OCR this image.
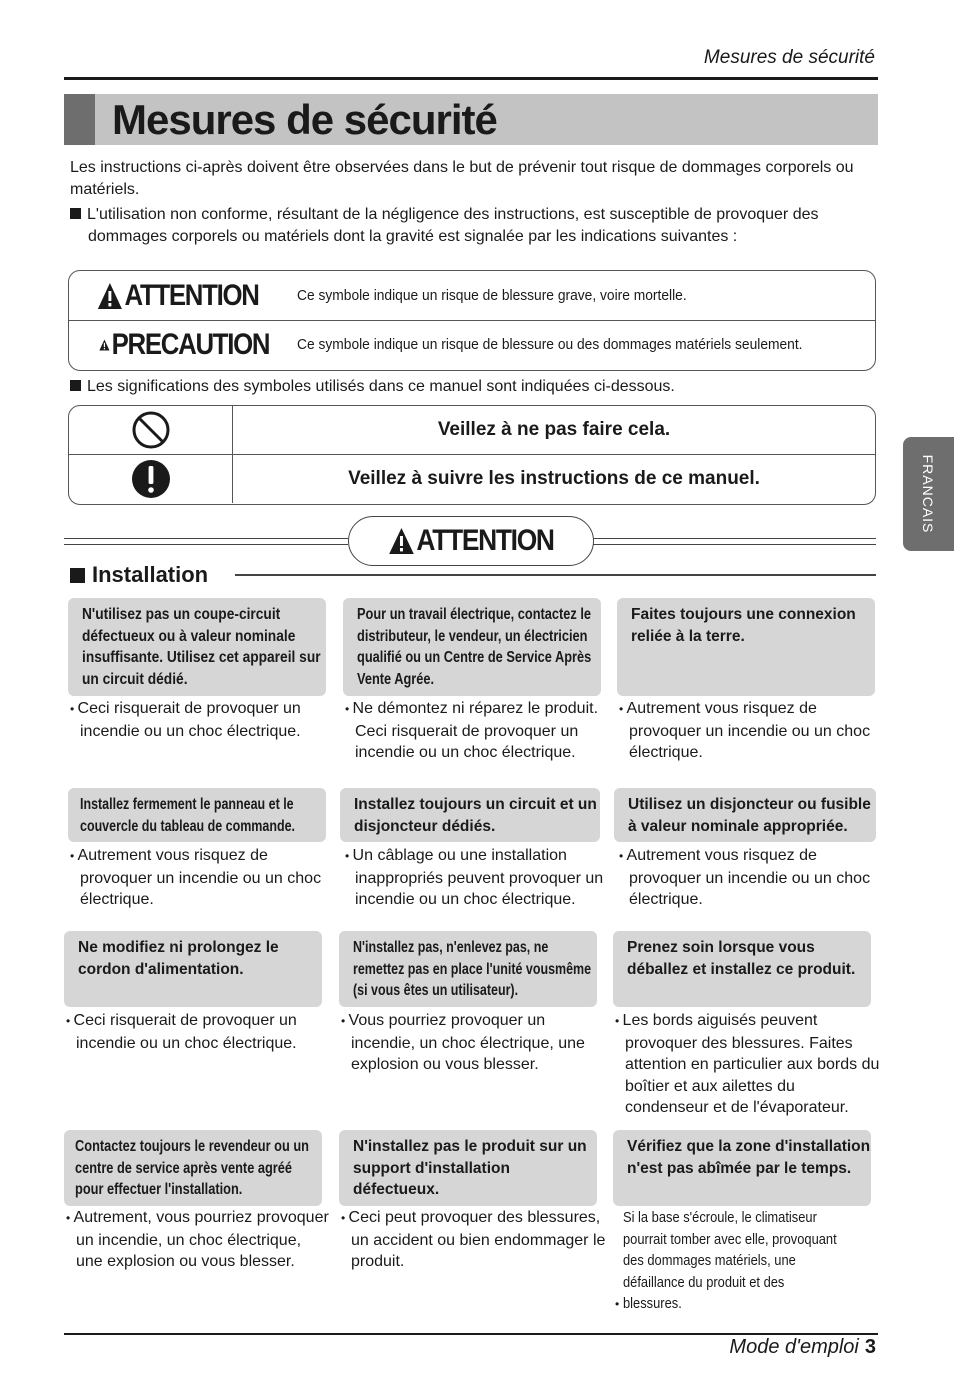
Mesures de sécurité
Mesures de sécurité
Les instructions ci-après doivent être observées dans le but de prévenir tout risque de dommages corporels ou matériels.
L'utilisation non conforme, résultant de la négligence des instructions, est susceptible de provoquer des
dommages corporels ou matériels dont la gravité est signalée par les indications suivantes :
ATTENTION	Ce symbole indique un risque de blessure grave, voire mortelle.
PRECAUTION Ce symbole indique un risque de blessure ou des dommages matériels seulement.
Les significations des symboles utilisés dans ce manuel sont indiquées ci-dessous.
Veillez à ne pas faire cela.
Veillez à suivre les instructions de ce manuel.
ATTENTION
Installation
N'utilisez pas un coupe-circuit défectueux ou à valeur nominale insuffisante. Utilisez cet appareil sur un circuit dédié.
• Ceci risquerait de provoquer un incendie ou un choc électrique.
Pour un travail électrique, contactez le distributeur, le vendeur, un électricien qualifié ou un Centre de Service Après Vente Agrée.
• Ne démontez ni réparez le produit. Ceci risquerait de provoquer un incendie ou un choc électrique.
Faites toujours une connexion reliée à la terre.
• Autrement vous risquez de provoquer un incendie ou un choc électrique.
Installez fermement le panneau et le couvercle du tableau de commande.
• Autrement vous risquez de provoquer un incendie ou un choc électrique.
Installez toujours un circuit et un disjoncteur dédiés.
• Un câblage ou une installation inappropriés peuvent provoquer un incendie ou un choc électrique.
Utilisez un disjoncteur ou fusible à valeur nominale appropriée.
• Autrement vous risquez de provoquer un incendie ou un choc électrique.
Ne modifiez ni prolongez le cordon d'alimentation.
• Ceci risquerait de provoquer un incendie ou un choc électrique.
N'installez pas, n'enlevez pas, ne remettez pas en place l'unité vousmême (si vous êtes un utilisateur).
• Vous pourriez provoquer un incendie, un choc électrique, une explosion ou vous blesser.
Prenez soin lorsque vous déballez et installez ce produit.
• Les bords aiguisés peuvent provoquer des blessures. Faites attention en particulier aux bords du boîtier et aux ailettes du condenseur et de l'évaporateur.
Contactez toujours le revendeur ou un centre de service après vente agréé pour effectuer l'installation.
• Autrement, vous pourriez provoquer un incendie, un choc électrique, une explosion ou vous blesser.
N'installez pas le produit sur un support d'installation défectueux.
• Ceci peut provoquer des blessures, un accident ou bien endommager le produit.
Vérifiez que la zone d'installation n'est pas abîmée par le temps.
• Si la base s'écroule, le climatiseur pourrait tomber avec elle, provoquant des dommages matériels, une défaillance du produit et des blessures.
Mode d'emploi 3
FRANCAIS
